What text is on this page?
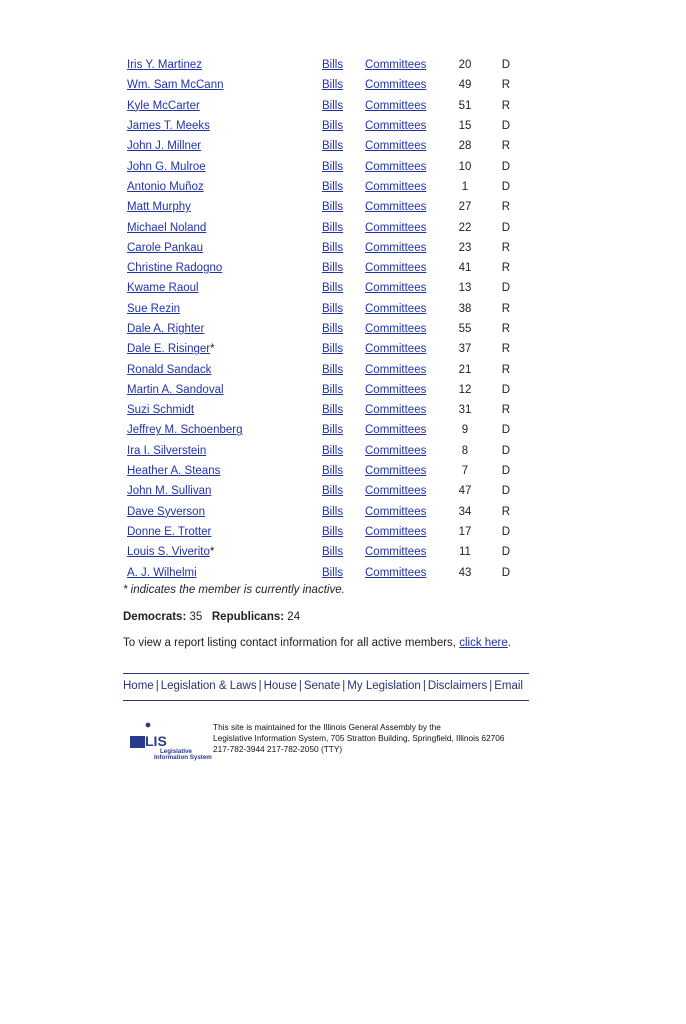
Iris Y. Martinez	Bills	Committees	20	D
Wm. Sam McCann	Bills	Committees	49	R
Kyle McCarter	Bills	Committees	51	R
James T. Meeks	Bills	Committees	15	D
John J. Millner	Bills	Committees	28	R
John G. Mulroe	Bills	Committees	10	D
Antonio Muñoz	Bills	Committees	1	D
Matt Murphy	Bills	Committees	27	R
Michael Noland	Bills	Committees	22	D
Carole Pankau	Bills	Committees	23	R
Christine Radogno	Bills	Committees	41	R
Kwame Raoul	Bills	Committees	13	D
Sue Rezin	Bills	Committees	38	R
Dale A. Righter	Bills	Committees	55	R
Dale E. Risinger*	Bills	Committees	37	R
Ronald Sandack	Bills	Committees	21	R
Martin A. Sandoval	Bills	Committees	12	D
Suzi Schmidt	Bills	Committees	31	R
Jeffrey M. Schoenberg	Bills	Committees	9	D
Ira I. Silverstein	Bills	Committees	8	D
Heather A. Steans	Bills	Committees	7	D
John M. Sullivan	Bills	Committees	47	D
Dave Syverson	Bills	Committees	34	R
Donne E. Trotter	Bills	Committees	17	D
Louis S. Viverito*	Bills	Committees	11	D
A. J. Wilhelmi	Bills	Committees	43	D
* indicates the member is currently inactive.
Democrats: 35 Republicans: 24
To view a report listing contact information for all active members, click here.
Home | Legislation & Laws | House | Senate | My Legislation | Disclaimers | Email
LIS
Legislative
Information System
This site is maintained for the Illinois General Assembly by the
Legislative Information System, 705 Stratton Building, Springfield, Illinois 62706
217-782-3944 217-782-2050 (TTY)
